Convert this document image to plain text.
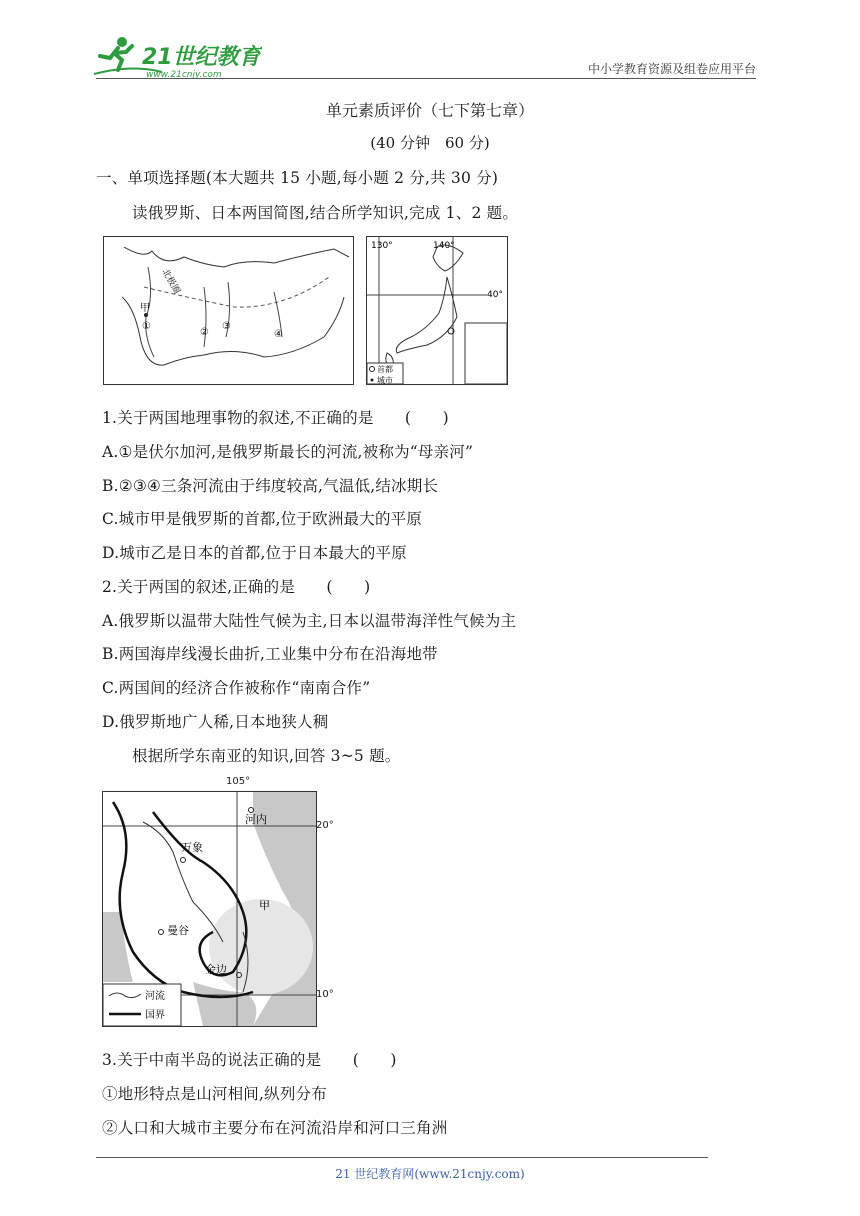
21世纪教育
www.21cnjy.com	中小学教育资源及组卷应用平台
单元素质评价（七下第七章）
(40 分钟　60 分)
一、单项选择题(本大题共 15 小题,每小题 2 分,共 30 分)
读俄罗斯、日本两国简图,结合所学知识,完成 1、2 题。
北极圈
甲
①
②
③
④
130°	140°
40°
首都
城市
1.关于两国地理事物的叙述,不正确的是　　(　　)
A.①是伏尔加河,是俄罗斯最长的河流,被称为“母亲河”
B.②③④三条河流由于纬度较高,气温低,结冰期长
C.城市甲是俄罗斯的首都,位于欧洲最大的平原
D.城市乙是日本的首都,位于日本最大的平原
2.关于两国的叙述,正确的是　　(　　)
A.俄罗斯以温带大陆性气候为主,日本以温带海洋性气候为主
B.两国海岸线漫长曲折,工业集中分布在沿海地带
C.两国间的经济合作被称作“南南合作”
D.俄罗斯地广人稀,日本地狭人稠
根据所学东南亚的知识,回答 3~5 题。
105°
河内
万象
曼谷
金边
甲
河流
国界
20°
10°
3.关于中南半岛的说法正确的是　　(　　)
①地形特点是山河相间,纵列分布
②人口和大城市主要分布在河流沿岸和河口三角洲
21 世纪教育网(www.21cnjy.com)
